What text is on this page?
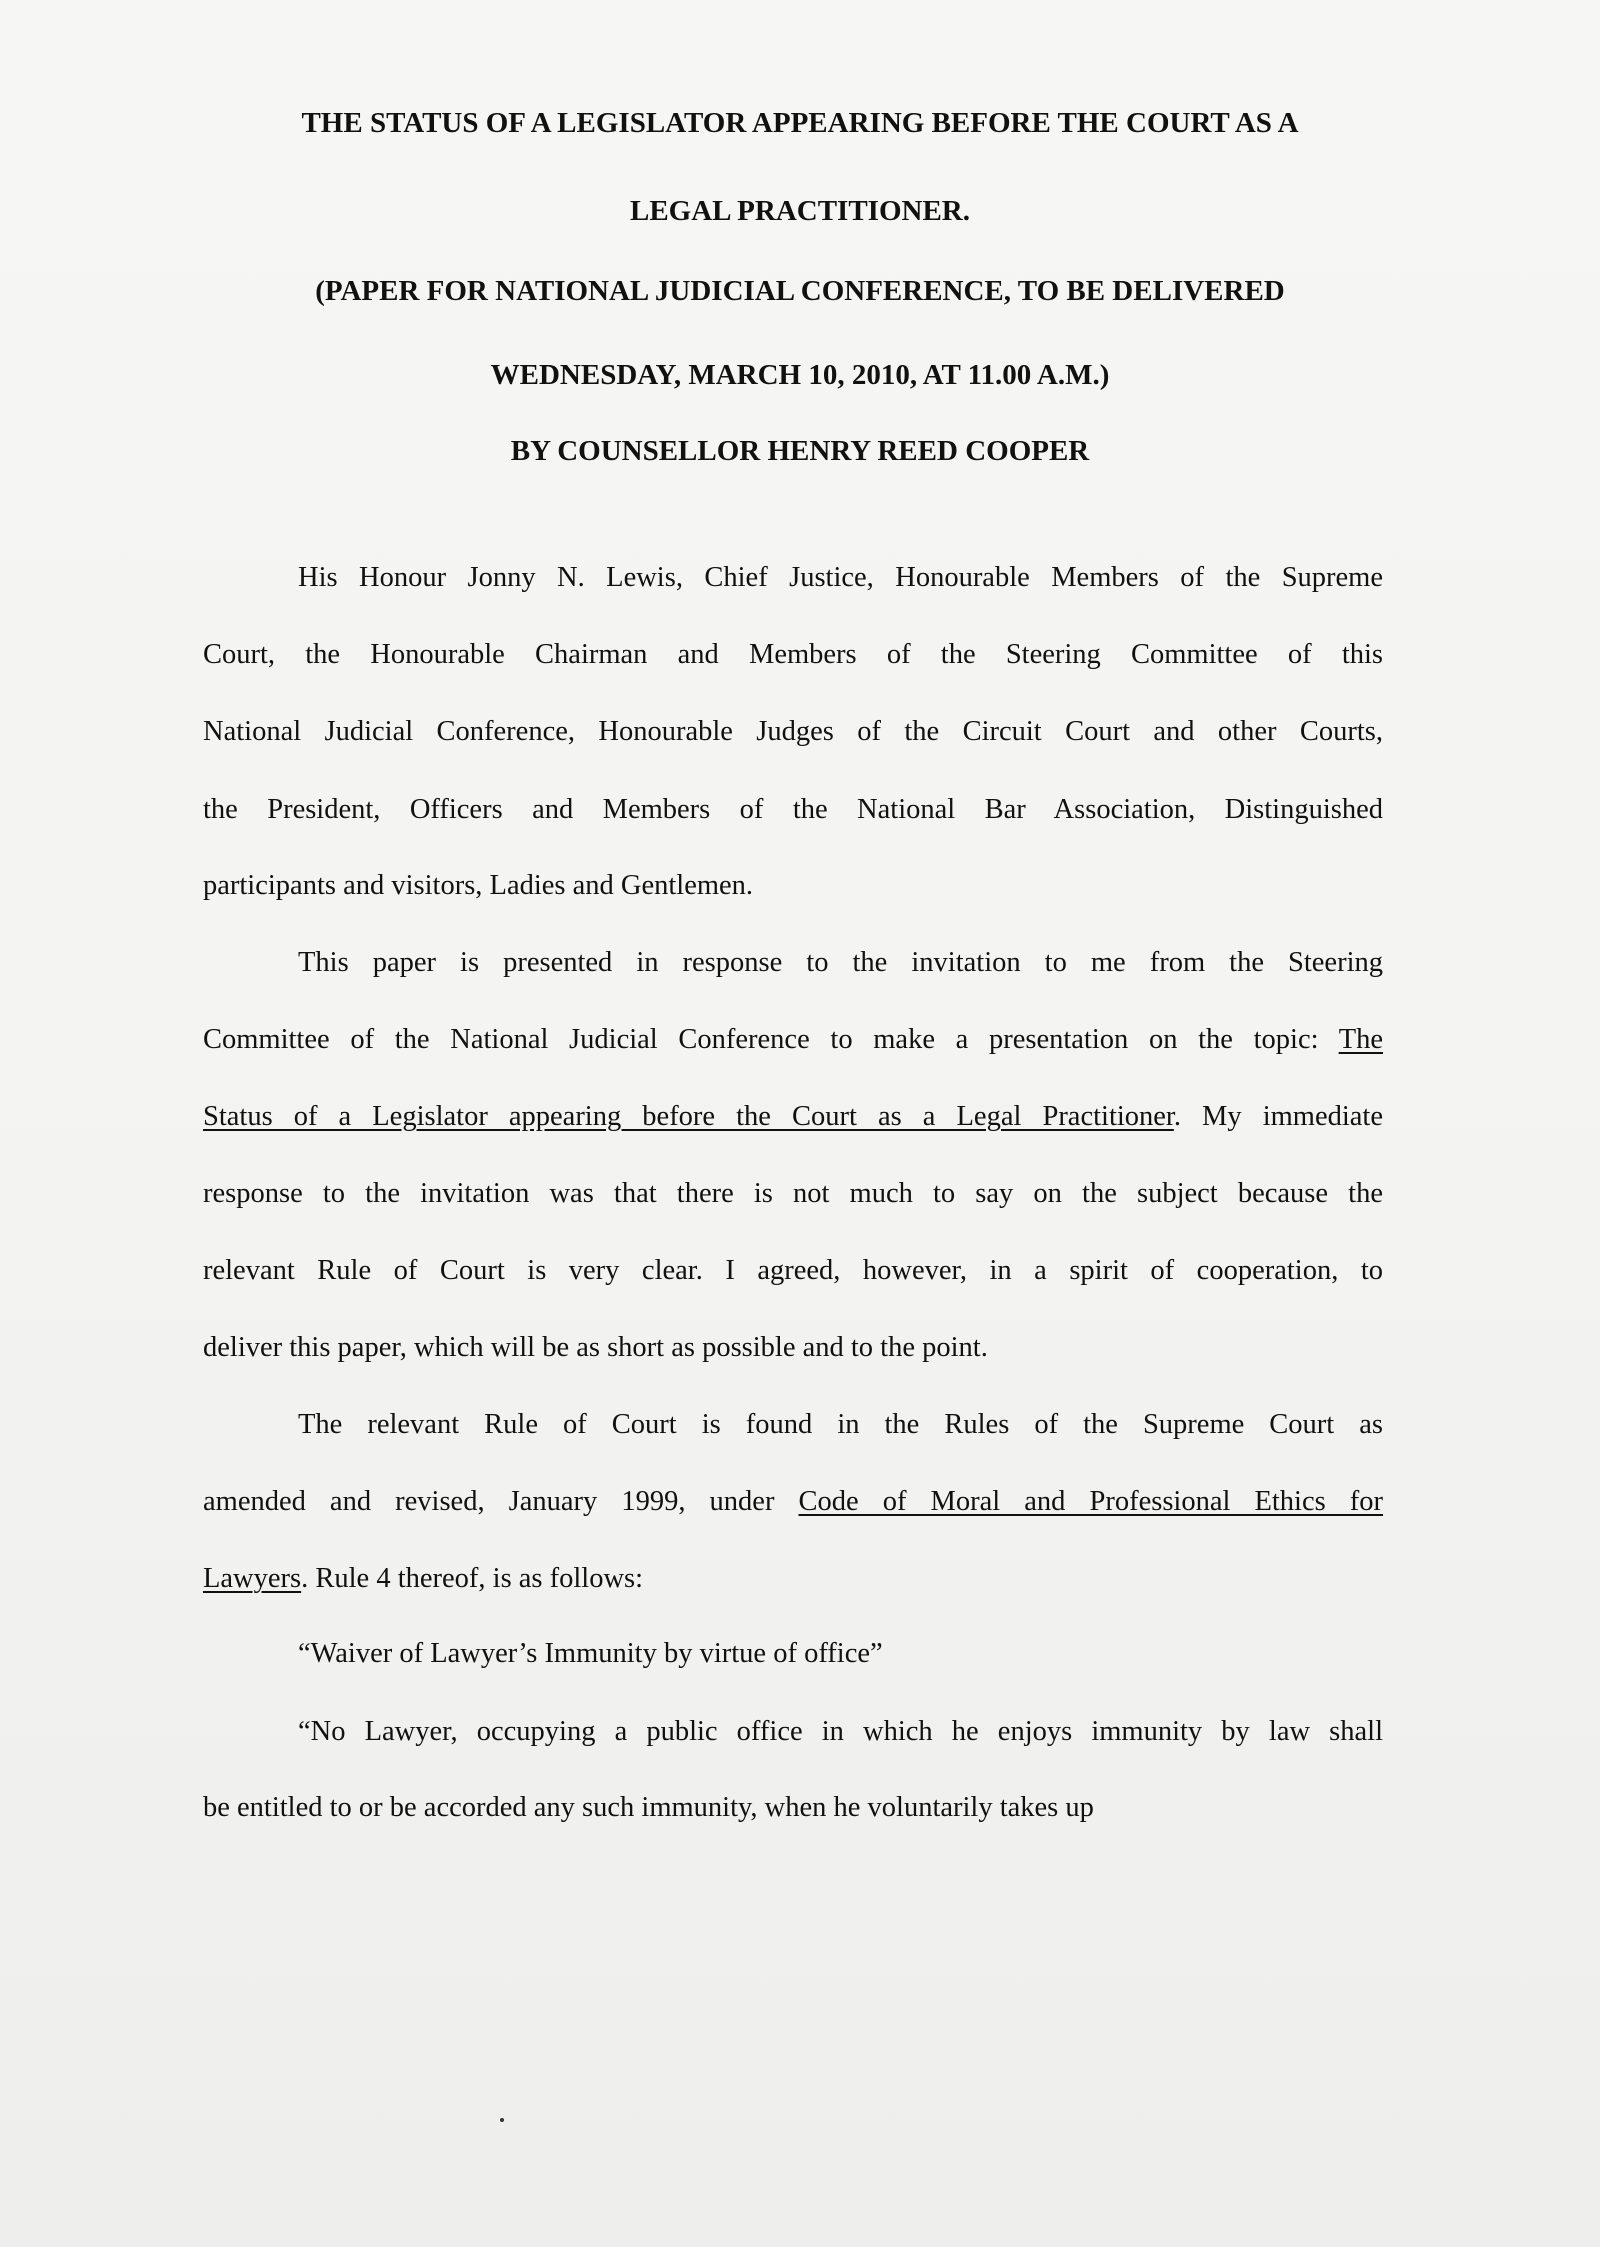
THE STATUS OF A LEGISLATOR APPEARING BEFORE THE COURT AS A

LEGAL PRACTITIONER.

(PAPER FOR NATIONAL JUDICIAL CONFERENCE, TO BE DELIVERED

WEDNESDAY, MARCH 10, 2010, AT 11.00 A.M.)

BY COUNSELLOR HENRY REED COOPER

His Honour Jonny N. Lewis, Chief Justice, Honourable Members of the Supreme
Court, the Honourable Chairman and Members of the Steering Committee of this
National Judicial Conference, Honourable Judges of the Circuit Court and other Courts,
the President, Officers and Members of the National Bar Association, Distinguished
participants and visitors, Ladies and Gentlemen.
This paper is presented in response to the invitation to me from the Steering
Committee of the National Judicial Conference to make a presentation on the topic: The
Status of a Legislator appearing before the Court as a Legal Practitioner. My immediate
response to the invitation was that there is not much to say on the subject because the
relevant Rule of Court is very clear. I agreed, however, in a spirit of cooperation, to
deliver this paper, which will be as short as possible and to the point.
The relevant Rule of Court is found in the Rules of the Supreme Court as
amended and revised, January 1999, under Code of Moral and Professional Ethics for
Lawyers. Rule 4 thereof, is as follows:
“Waiver of Lawyer’s Immunity by virtue of office”
“No Lawyer, occupying a public office in which he enjoys immunity by law shall
be entitled to or be accorded any such immunity, when he voluntarily takes up
